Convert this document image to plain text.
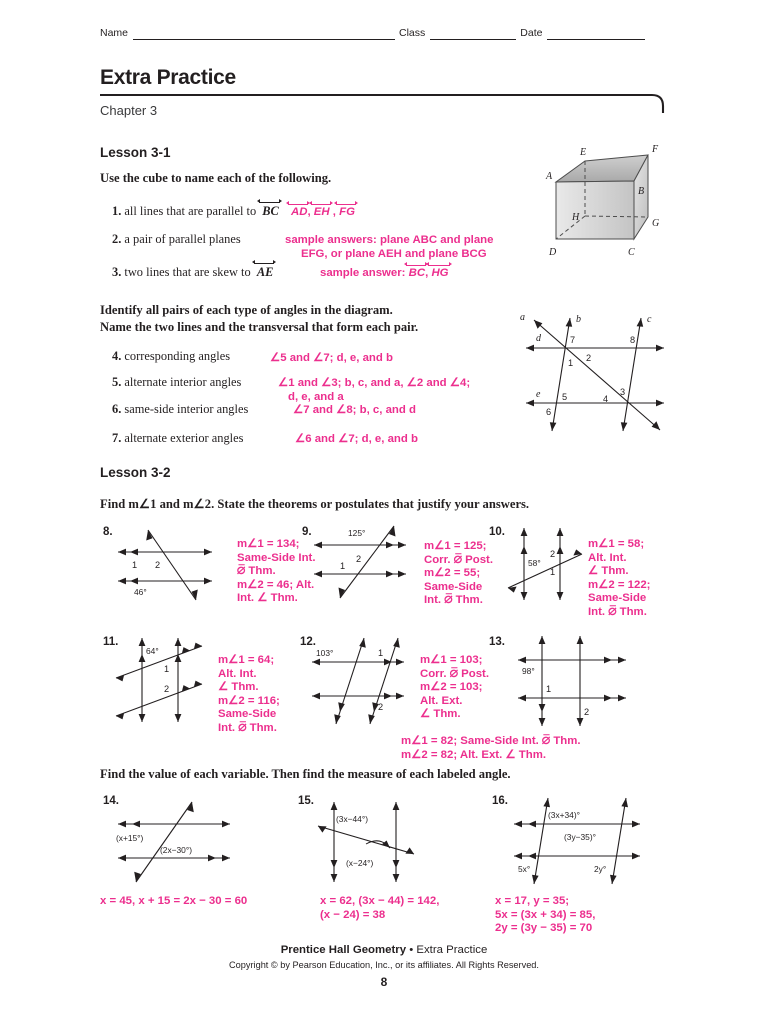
Name	Class	Date
Extra Practice
Chapter 3
Lesson 3-1
Use the cube to name each of the following.
1. all lines that are parallel to BC AD,
EH ,
FG
2. a pair of parallel planes	sample answers: plane ABC and plane
EFG, or plane AEH and plane BCG
3. two lines that are skew to AE	sample answer: BC,
HG
A
B
C
D
E	F
G
H
Identify all pairs of each type of angles in the diagram.
Name the two lines and the transversal that form each pair.
4. corresponding angles	∠5 and ∠7; d, e, and b
5. alternate interior angles	∠1 and ∠3; b, c, and a, ∠2 and ∠4;
d, e, and a
6. same-side interior angles	∠7 and ∠8; b, c, and d
7. alternate exterior angles	∠6 and ∠7; d, e, and b
a	b	c
d
e
1 2
3
4
5
6
7	8
Lesson 3-2
Find m∠1 and m∠2. State the theorems or postulates that justify your answers.
8.
1 2
46°
m∠1 = 134;
Same-Side Int.
⦱ Thm.
m∠2 = 46; Alt.
Int. ∠ Thm.
9.	125°
2
1
m∠1 = 125;
Corr. ⦱ Post.
m∠2 = 55;
Same-Side
Int. ⦱ Thm.
10.
58°
2
1
m∠1 = 58;
Alt. Int.
∠ Thm.
m∠2 = 122;
Same-Side
Int. ⦱ Thm.
11.
64°
1
2
m∠1 = 64;
Alt. Int.
∠ Thm.
m∠2 = 116;
Same-Side
Int. ⦱ Thm.
12.
103°	1
2
m∠1 = 103;
Corr. ⦱ Post.
m∠2 = 103;
Alt. Ext.
∠ Thm.
13.
98°
1
2
m∠1 = 82; Same-Side Int. ⦱ Thm.
m∠2 = 82; Alt. Ext. ∠ Thm.
Find the value of each variable. Then find the measure of each labeled angle.
14.
(x+15°)
(2x−30°)
x = 45, x + 15 = 2x − 30 = 60
15.
(3x−44°)
(x−24°)
x = 62, (3x − 44) = 142,
(x − 24) = 38
16.
(3x+34)°
(3y−35)°
5x°	2y°
x = 17, y = 35;
5x = (3x + 34) = 85,
2y = (3y − 35) = 70
Prentice Hall Geometry • Extra Practice
Copyright © by Pearson Education, Inc., or its affiliates. All Rights Reserved.
8
